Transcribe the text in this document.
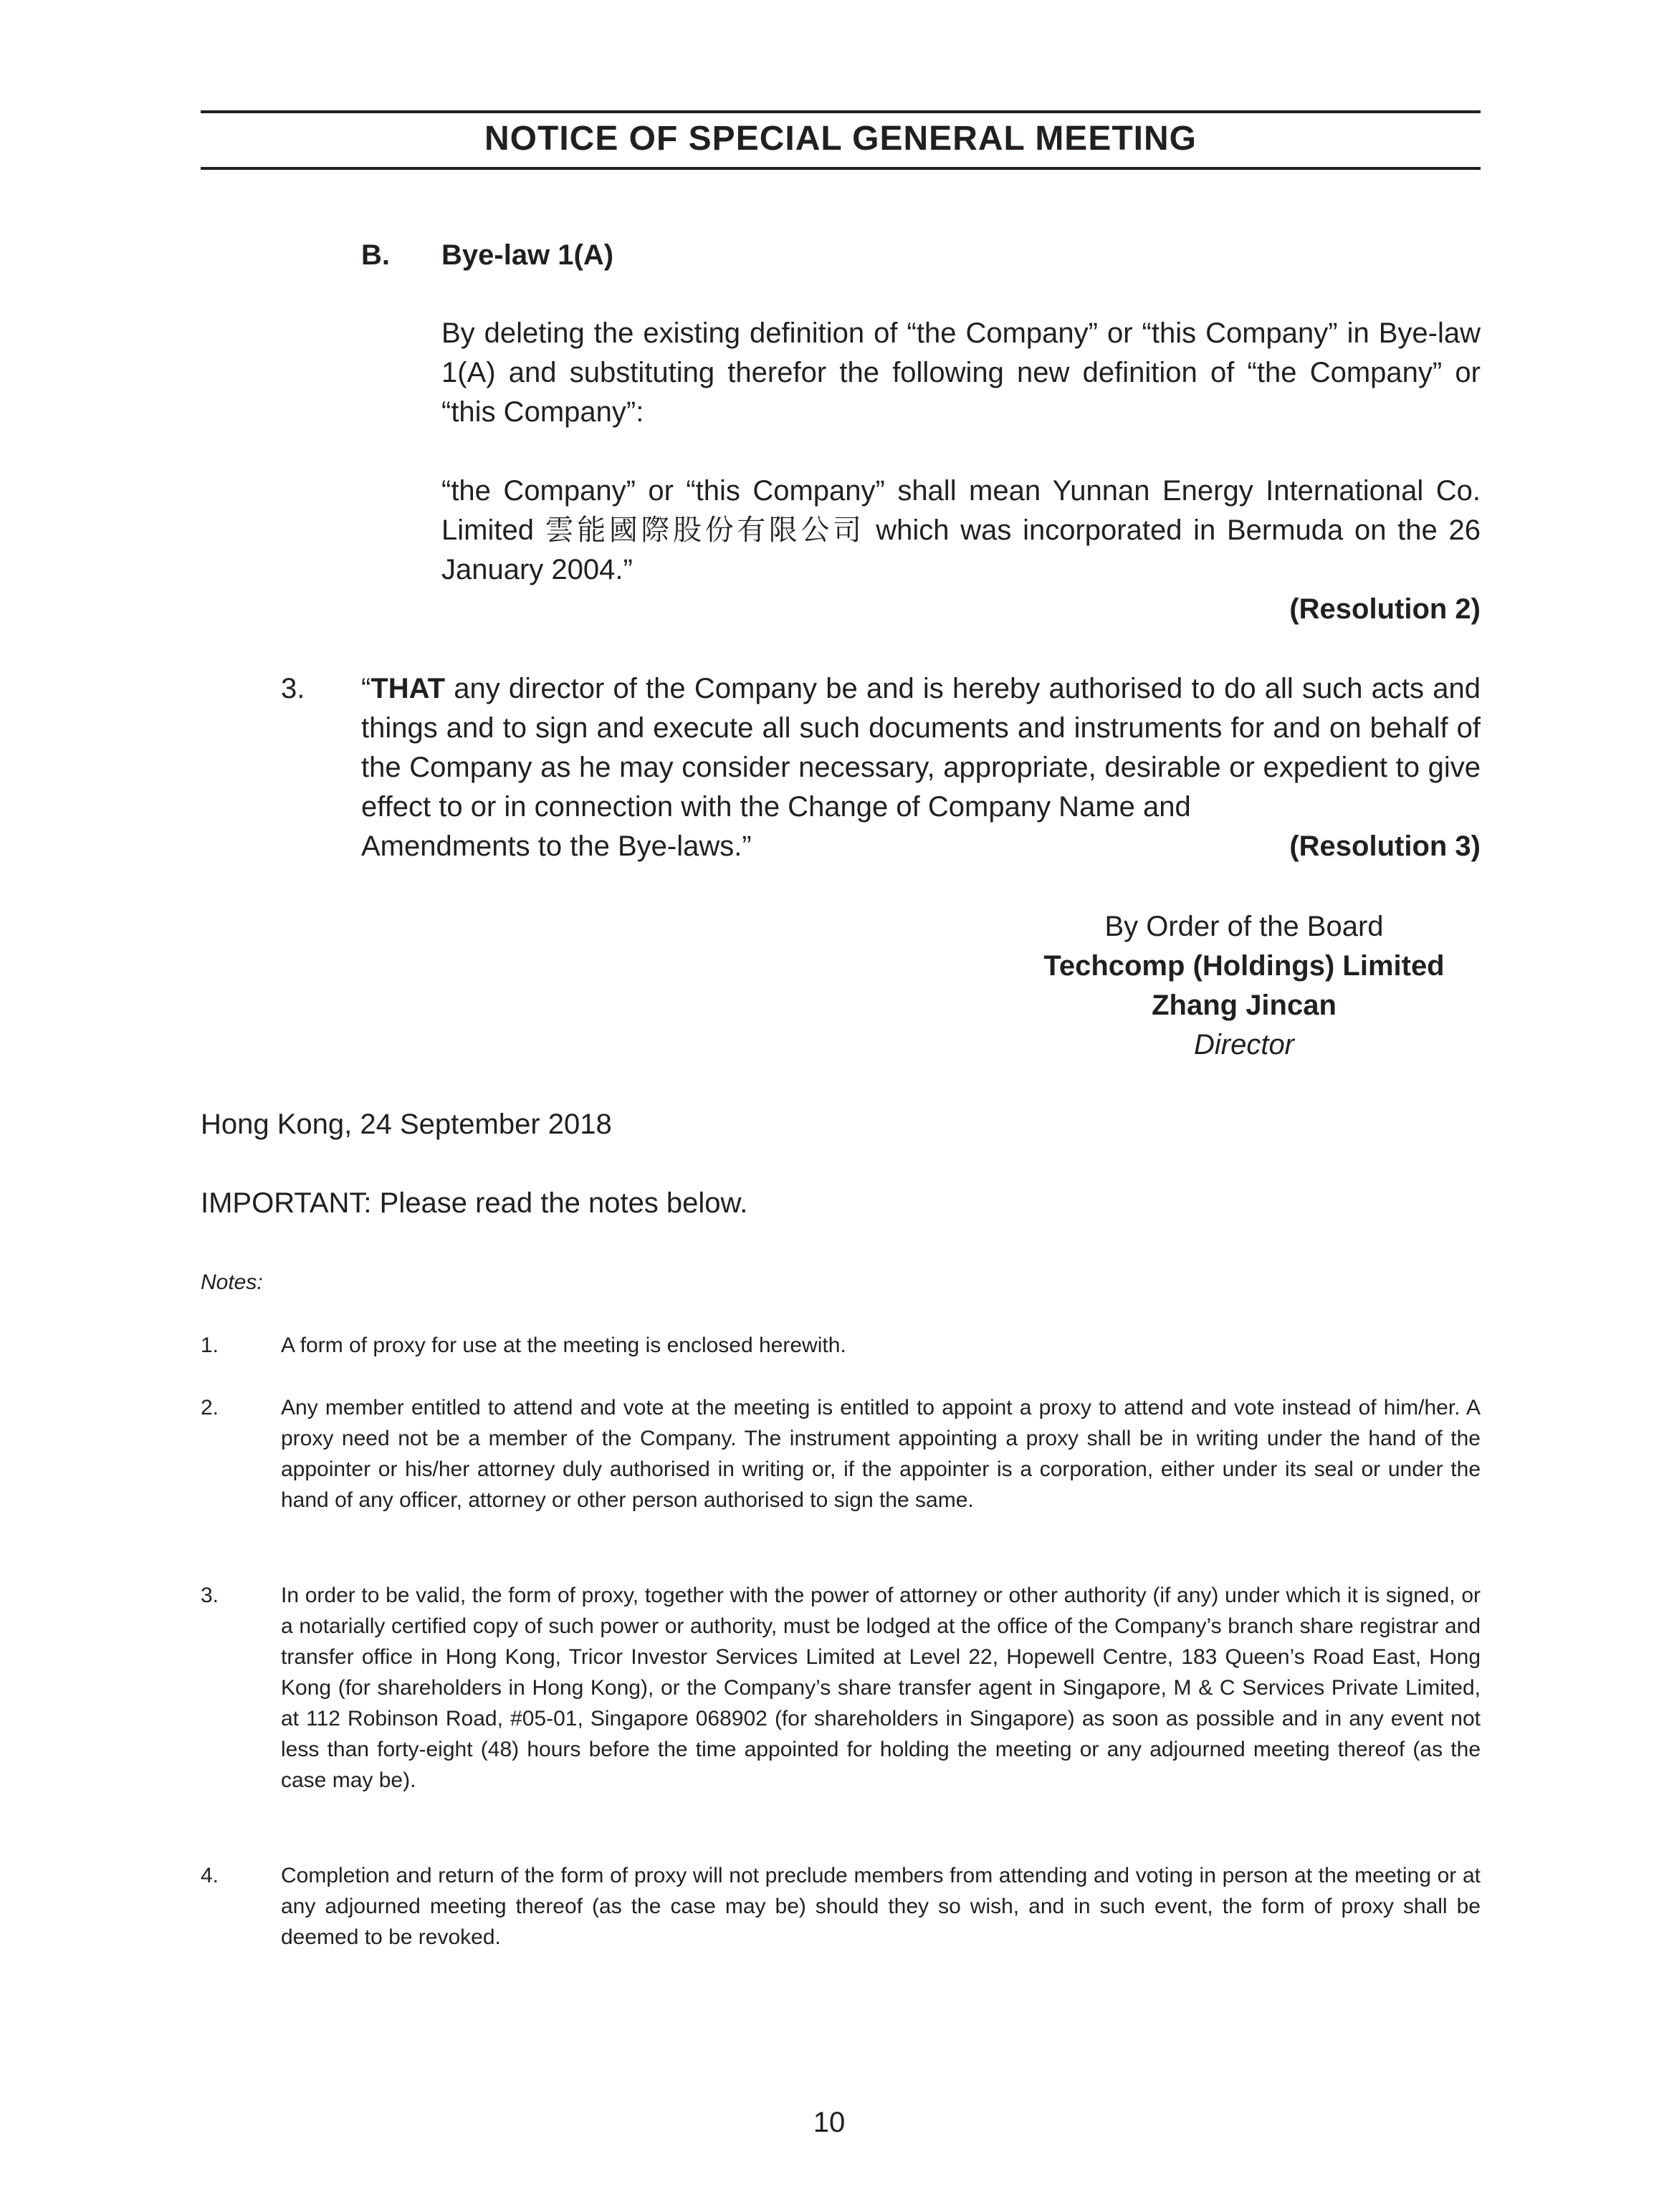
NOTICE OF SPECIAL GENERAL MEETING
B. Bye-law 1(A)
By deleting the existing definition of “the Company” or “this Company” in Bye-law 1(A) and substituting therefor the following new definition of “the Company” or “this Company”:
“the Company” or “this Company” shall mean Yunnan Energy International Co. Limited 雲能國際股份有限公司 which was incorporated in Bermuda on the 26 January 2004.”
(Resolution 2)
3. “THAT any director of the Company be and is hereby authorised to do all such acts and things and to sign and execute all such documents and instruments for and on behalf of the Company as he may consider necessary, appropriate, desirable or expedient to give effect to or in connection with the Change of Company Name and
Amendments to the Bye-laws.”	(Resolution 3)
By Order of the Board
Techcomp (Holdings) Limited
Zhang Jincan
Director
Hong Kong, 24 September 2018
IMPORTANT: Please read the notes below.
Notes:
1.	A form of proxy for use at the meeting is enclosed herewith.
2.	Any member entitled to attend and vote at the meeting is entitled to appoint a proxy to attend and vote instead of him/her. A proxy need not be a member of the Company. The instrument appointing a proxy shall be in writing under the hand of the appointer or his/her attorney duly authorised in writing or, if the appointer is a corporation, either under its seal or under the hand of any officer, attorney or other person authorised to sign the same.
3.	In order to be valid, the form of proxy, together with the power of attorney or other authority (if any) under which it is signed, or a notarially certified copy of such power or authority, must be lodged at the office of the Company’s branch share registrar and transfer office in Hong Kong, Tricor Investor Services Limited at Level 22, Hopewell Centre, 183 Queen’s Road East, Hong Kong (for shareholders in Hong Kong), or the Company’s share transfer agent in Singapore, M & C Services Private Limited, at 112 Robinson Road, #05-01, Singapore 068902 (for shareholders in Singapore) as soon as possible and in any event not less than forty-eight (48) hours before the time appointed for holding the meeting or any adjourned meeting thereof (as the case may be).
4.	Completion and return of the form of proxy will not preclude members from attending and voting in person at the meeting or at any adjourned meeting thereof (as the case may be) should they so wish, and in such event, the form of proxy shall be deemed to be revoked.
10
